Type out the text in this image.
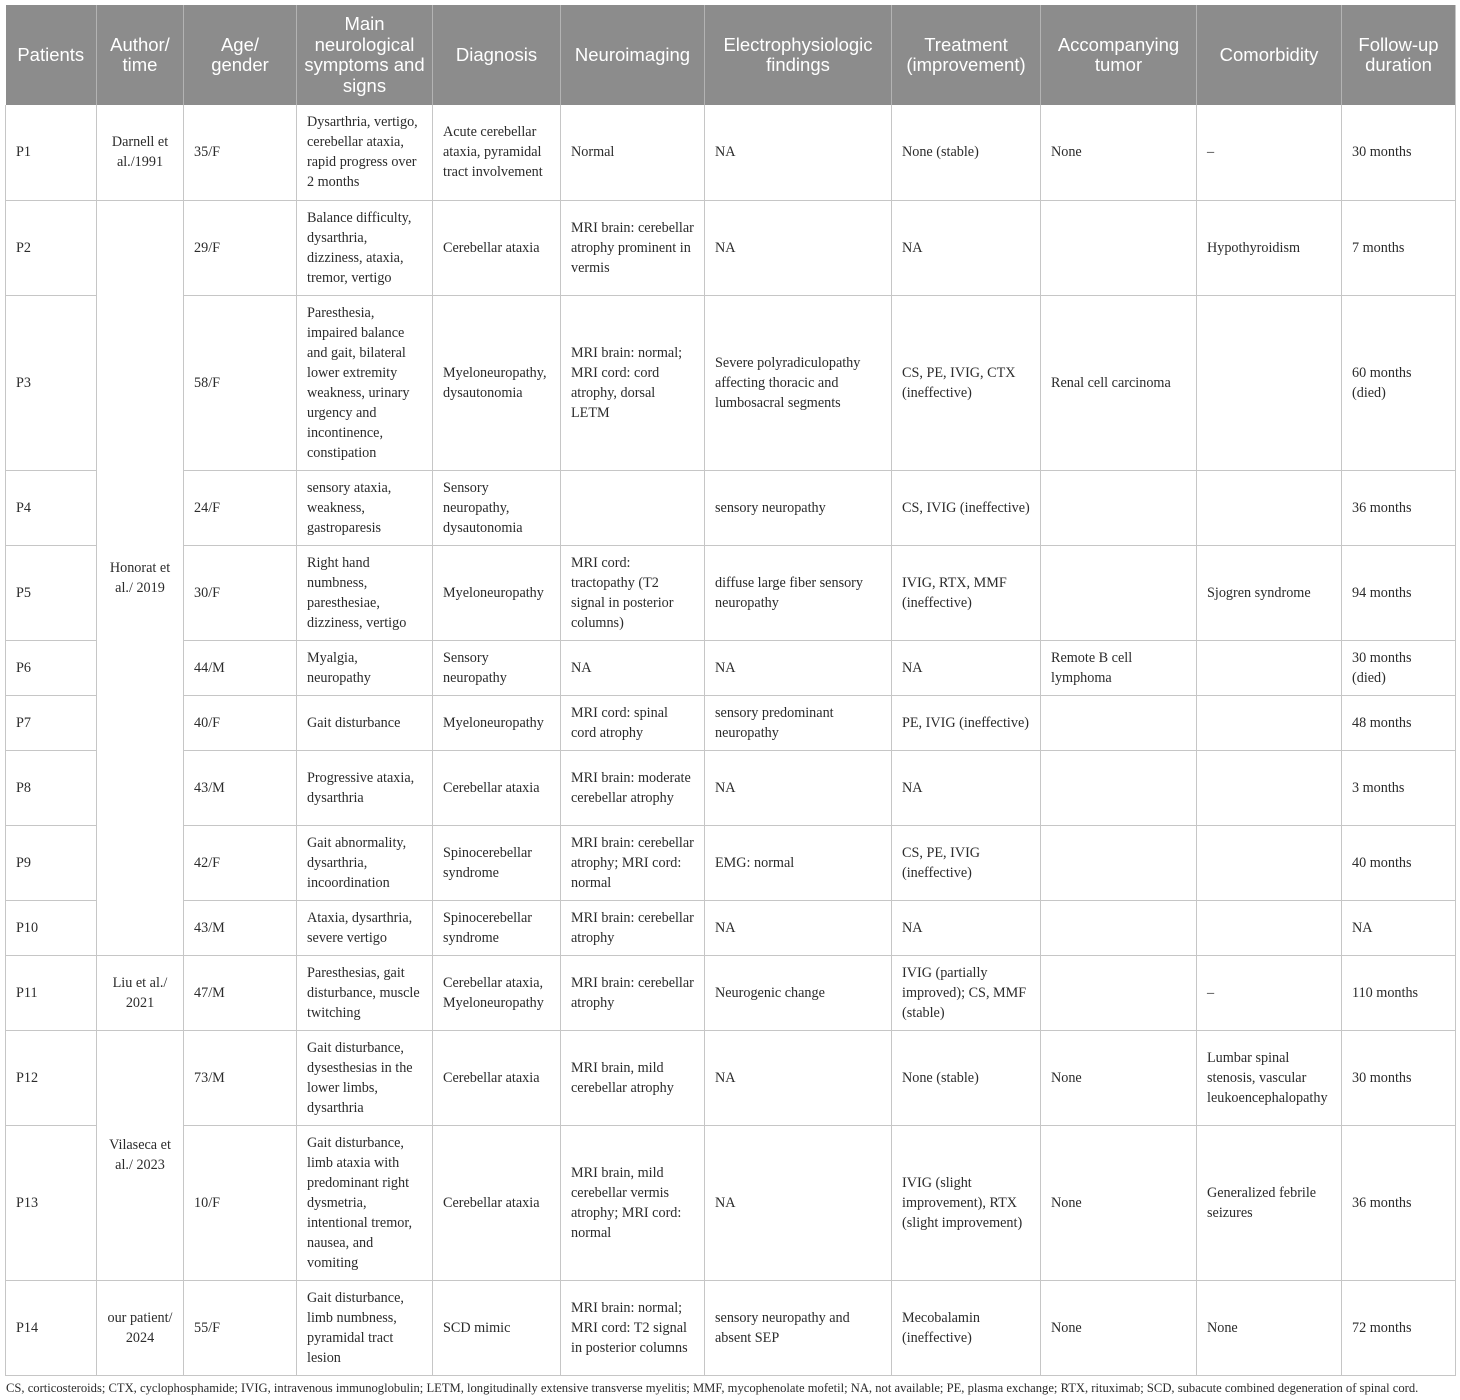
Patients	Author/ time	Age/ gender	Main neurological symptoms and signs	Diagnosis	Neuroimaging	Electrophysiologic findings	Treatment (improvement)	Accompanying tumor	Comorbidity	Follow-up duration
P1	Darnell et al./1991	35/F	Dysarthria, vertigo, cerebellar ataxia, rapid progress over 2 months	Acute cerebellar ataxia, pyramidal tract involvement	Normal	NA	None (stable)	None	–	30 months
P2	Honorat et al./ 2019	29/F	Balance difficulty, dysarthria, dizziness, ataxia, tremor, vertigo	Cerebellar ataxia	MRI brain: cerebellar atrophy prominent in vermis	NA	NA		Hypothyroidism	7 months
P3		58/F	Paresthesia, impaired balance and gait, bilateral lower extremity weakness, urinary urgency and incontinence, constipation	Myeloneuropathy, dysautonomia	MRI brain: normal; MRI cord: cord atrophy, dorsal LETM	Severe polyradiculopathy affecting thoracic and lumbosacral segments	CS, PE, IVIG, CTX (ineffective)	Renal cell carcinoma		60 months (died)
P4		24/F	sensory ataxia, weakness, gastroparesis	Sensory neuropathy, dysautonomia		sensory neuropathy	CS, IVIG (ineffective)			36 months
P5		30/F	Right hand numbness, paresthesiae, dizziness, vertigo	Myeloneuropathy	MRI cord: tractopathy (T2 signal in posterior columns)	diffuse large fiber sensory neuropathy	IVIG, RTX, MMF (ineffective)		Sjogren syndrome	94 months
P6		44/M	Myalgia, neuropathy	Sensory neuropathy	NA	NA	NA	Remote B cell lymphoma		30 months (died)
P7		40/F	Gait disturbance	Myeloneuropathy	MRI cord: spinal cord atrophy	sensory predominant neuropathy	PE, IVIG (ineffective)			48 months
P8		43/M	Progressive ataxia, dysarthria	Cerebellar ataxia	MRI brain: moderate cerebellar atrophy	NA	NA			3 months
P9		42/F	Gait abnormality, dysarthria, incoordination	Spinocerebellar syndrome	MRI brain: cerebellar atrophy; MRI cord: normal	EMG: normal	CS, PE, IVIG (ineffective)			40 months
P10		43/M	Ataxia, dysarthria, severe vertigo	Spinocerebellar syndrome	MRI brain: cerebellar atrophy	NA	NA			NA
P11	Liu et al./ 2021	47/M	Paresthesias, gait disturbance, muscle twitching	Cerebellar ataxia, Myeloneuropathy	MRI brain: cerebellar atrophy	Neurogenic change	IVIG (partially improved); CS, MMF (stable)		–	110 months
P12	Vilaseca et al./ 2023	73/M	Gait disturbance, dysesthesias in the lower limbs, dysarthria	Cerebellar ataxia	MRI brain, mild cerebellar atrophy	NA	None (stable)	None	Lumbar spinal stenosis, vascular leukoencephalopathy	30 months
P13		10/F	Gait disturbance, limb ataxia with predominant right dysmetria, intentional tremor, nausea, and vomiting	Cerebellar ataxia	MRI brain, mild cerebellar vermis atrophy; MRI cord: normal	NA	IVIG (slight improvement), RTX (slight improvement)	None	Generalized febrile seizures	36 months
P14	our patient/ 2024	55/F	Gait disturbance, limb numbness, pyramidal tract lesion	SCD mimic	MRI brain: normal; MRI cord: T2 signal in posterior columns	sensory neuropathy and absent SEP	Mecobalamin (ineffective)	None	None	72 months
CS, corticosteroids; CTX, cyclophosphamide; IVIG, intravenous immunoglobulin; LETM, longitudinally extensive transverse myelitis; MMF, mycophenolate mofetil; NA, not available; PE, plasma exchange; RTX, rituximab; SCD, subacute combined degeneration of spinal cord.
